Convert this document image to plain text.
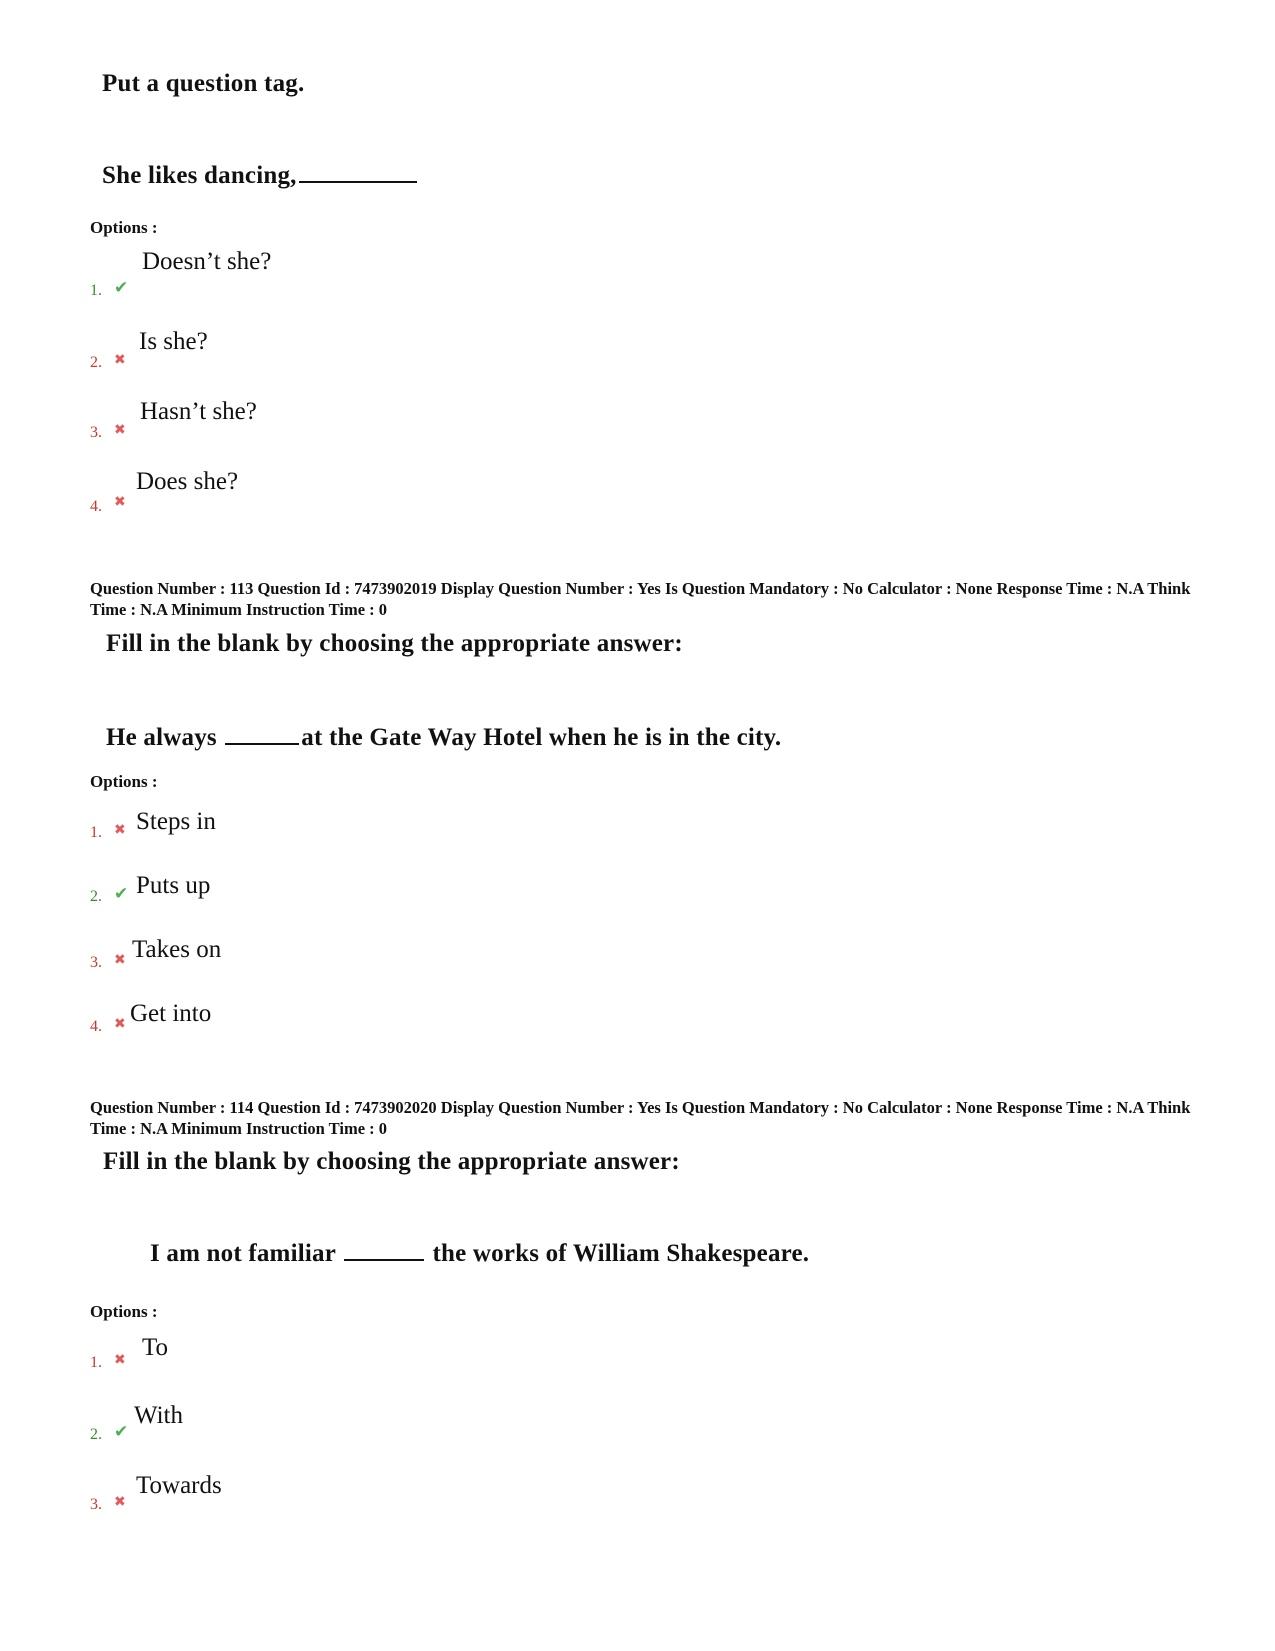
Put a question tag.
She likes dancing,
Options :
1. ✔
Doesn’t she?
2. ✖
Is she?
3. ✖
Hasn’t she?
4. ✖
Does she?
Question Number : 113 Question Id : 7473902019 Display Question Number : Yes Is Question Mandatory : No Calculator : None Response Time : N.A Think Time : N.A Minimum Instruction Time : 0
Fill in the blank by choosing the appropriate answer:
He always	at the Gate Way Hotel when he is in the city.
Options :
1. ✖ Steps in
2. ✔ Puts up
3. ✖ Takes on
4. ✖ Get into
Question Number : 114 Question Id : 7473902020 Display Question Number : Yes Is Question Mandatory : No Calculator : None Response Time : N.A Think Time : N.A Minimum Instruction Time : 0
Fill in the blank by choosing the appropriate answer:
I am not familiar	the works of William Shakespeare.
Options :
1. ✖ To
2. ✔
With
3. ✖
Towards
